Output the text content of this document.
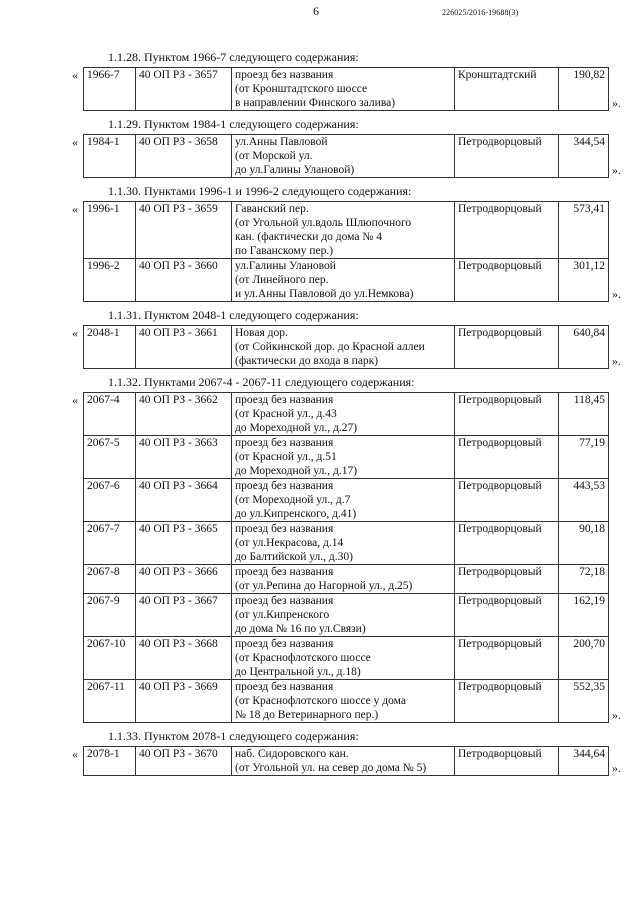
6	226025/2016-19688(3)
1.1.28. Пунктом 1966-7 следующего содержания:
« 1966-7	40 ОП РЗ - 3657	проезд без названия
(от Кронштадтского шоссе
в направлении Финского залива)
	Кронштадтский	190,82
».
1.1.29. Пунктом 1984-1 следующего содержания:
« 1984-1	40 ОП РЗ - 3658	ул.Анны Павловой
(от Морской ул.
до ул.Галины Улановой)
	Петродворцовый	344,54
».
1.1.30. Пунктами 1996-1 и 1996-2 следующего содержания:
« 1996-1	40 ОП РЗ - 3659	Гаванский пер.
(от Угольной ул.вдоль Шлюпочного
кан. (фактически до дома № 4
по Гаванскому пер.)	Петродворцовый	573,41
1996-2	40 ОП РЗ - 3660	ул.Галины Улановой
(от Линейного пер.
и ул.Анны Павловой до ул.Немкова)	Петродворцовый	301,12
».
1.1.31. Пунктом 2048-1 следующего содержания:
« 2048-1	40 ОП РЗ - 3661	Новая дор.
(от Сойкинской дор. до Красной аллеи
(фактически до входа в парк)
	Петродворцовый	640,84
».
1.1.32. Пунктами 2067-4 - 2067-11 следующего содержания:
« 2067-4	40 ОП РЗ - 3662	проезд без названия
(от Красной ул., д.43
до Мореходной ул., д.27)	Петродворцовый	118,45
2067-5	40 ОП РЗ - 3663	проезд без названия
(от Красной ул., д.51
до Мореходной ул., д.17)	Петродворцовый	77,19
2067-6	40 ОП РЗ - 3664	проезд без названия
(от Мореходной ул., д.7
до ул.Кипренского, д.41)	Петродворцовый	443,53
2067-7	40 ОП РЗ - 3665	проезд без названия
(от ул.Некрасова, д.14
до Балтийской ул., д.30)	Петродворцовый	90,18
2067-8	40 ОП РЗ - 3666	проезд без названия
(от ул.Репина до Нагорной ул., д.25)	Петродворцовый	72,18
2067-9	40 ОП РЗ - 3667	проезд без названия
(от ул.Кипренского
до дома № 16 по ул.Связи)	Петродворцовый	162,19
2067-10	40 ОП РЗ - 3668	проезд без названия
(от Краснофлотского шоссе
до Центральной ул., д.18)	Петродворцовый	200,70
2067-11	40 ОП РЗ - 3669	проезд без названия
(от Краснофлотского шоссе у дома
№ 18 до Ветеринарного пер.)	Петродворцовый	552,35
».
1.1.33. Пунктом 2078-1 следующего содержания:
« 2078-1	40 ОП РЗ - 3670	наб. Сидоровского кан.
(от Угольной ул. на север до дома № 5)
	Петродворцовый	344,64
».
